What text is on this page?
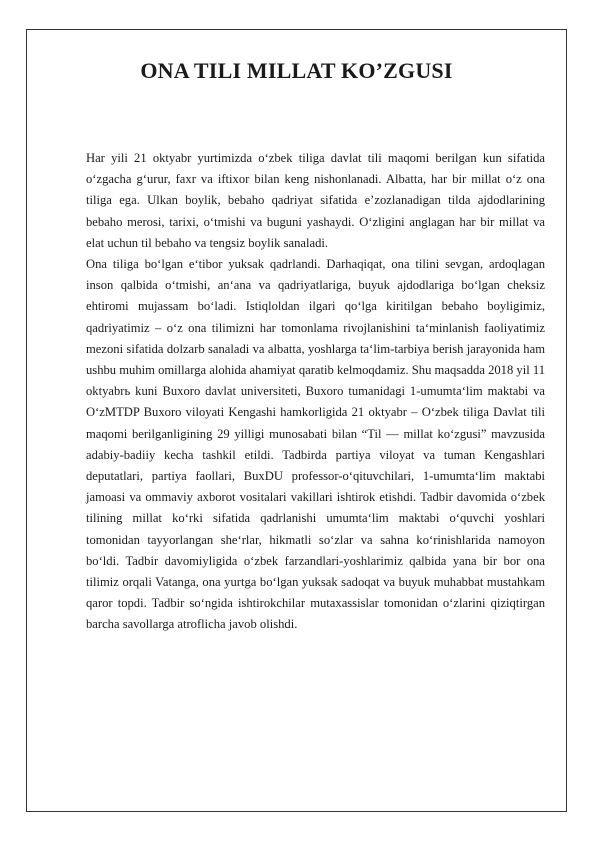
ONA TILI MILLAT KO’ZGUSI

Har yili 21 oktyabr yurtimizda o‘zbek tiliga davlat tili maqomi berilgan kun sifatida o‘zgacha g‘urur, faxr va iftixor bilan keng nishonlanadi. Albatta, har bir millat o‘z ona tiliga ega. Ulkan boylik, bebaho qadriyat sifatida e’zozlanadigan tilda ajdodlarining bebaho merosi, tarixi, o‘tmishi va buguni yashaydi. O‘zligini anglagan har bir millat va elat uchun til bebaho va tengsiz boylik sanaladi.

Ona tiliga bo‘lgan e‘tibor yuksak qadrlandi. Darhaqiqat, ona tilini sevgan, ardoqlagan inson qalbida o‘tmishi, an‘ana va qadriyatlariga, buyuk ajdodlariga bo‘lgan cheksiz ehtiromi mujassam bo‘ladi. Istiqloldan ilgari qo‘lga kiritilgan bebaho boyligimiz, qadriyatimiz – o‘z ona tilimizni har tomonlama rivojlanishini ta‘minlanish faoliyatimiz mezoni sifatida dolzarb sanaladi va albatta, yoshlarga ta‘lim-tarbiya berish jarayonida ham ushbu muhim omillarga alohida ahamiyat qaratib kelmoqdamiz. Shu maqsadda 2018 yil 11 oktyabrь kuni Buxoro davlat universiteti, Buxoro tumanidagi 1-umumta‘lim maktabi va O‘zMTDP Buxoro viloyati Kengashi hamkorligida 21 oktyabr – O‘zbek tiliga Davlat tili maqomi berilganligining 29 yilligi munosabati bilan “Til — millat ko‘zgusi” mavzusida adabiy-badiiy kecha tashkil etildi. Tadbirda partiya viloyat va tuman Kengashlari deputatlari, partiya faollari, BuxDU professor-o‘qituvchilari, 1-umumta‘lim maktabi jamoasi va ommaviy axborot vositalari vakillari ishtirok etishdi. Tadbir davomida o‘zbek tilining millat ko‘rki sifatida qadrlanishi umumta‘lim maktabi o‘quvchi yoshlari tomonidan tayyorlangan she‘rlar, hikmatli so‘zlar va sahna ko‘rinishlarida namoyon bo‘ldi. Tadbir davomiyligida o‘zbek farzandlari-yoshlarimiz qalbida yana bir bor ona tilimiz orqali Vatanga, ona yurtga bo‘lgan yuksak sadoqat va buyuk muhabbat mustahkam qaror topdi. Tadbir so‘ngida ishtirokchilar mutaxassislar tomonidan o‘zlarini qiziqtirgan barcha savollarga atroflicha javob olishdi.
